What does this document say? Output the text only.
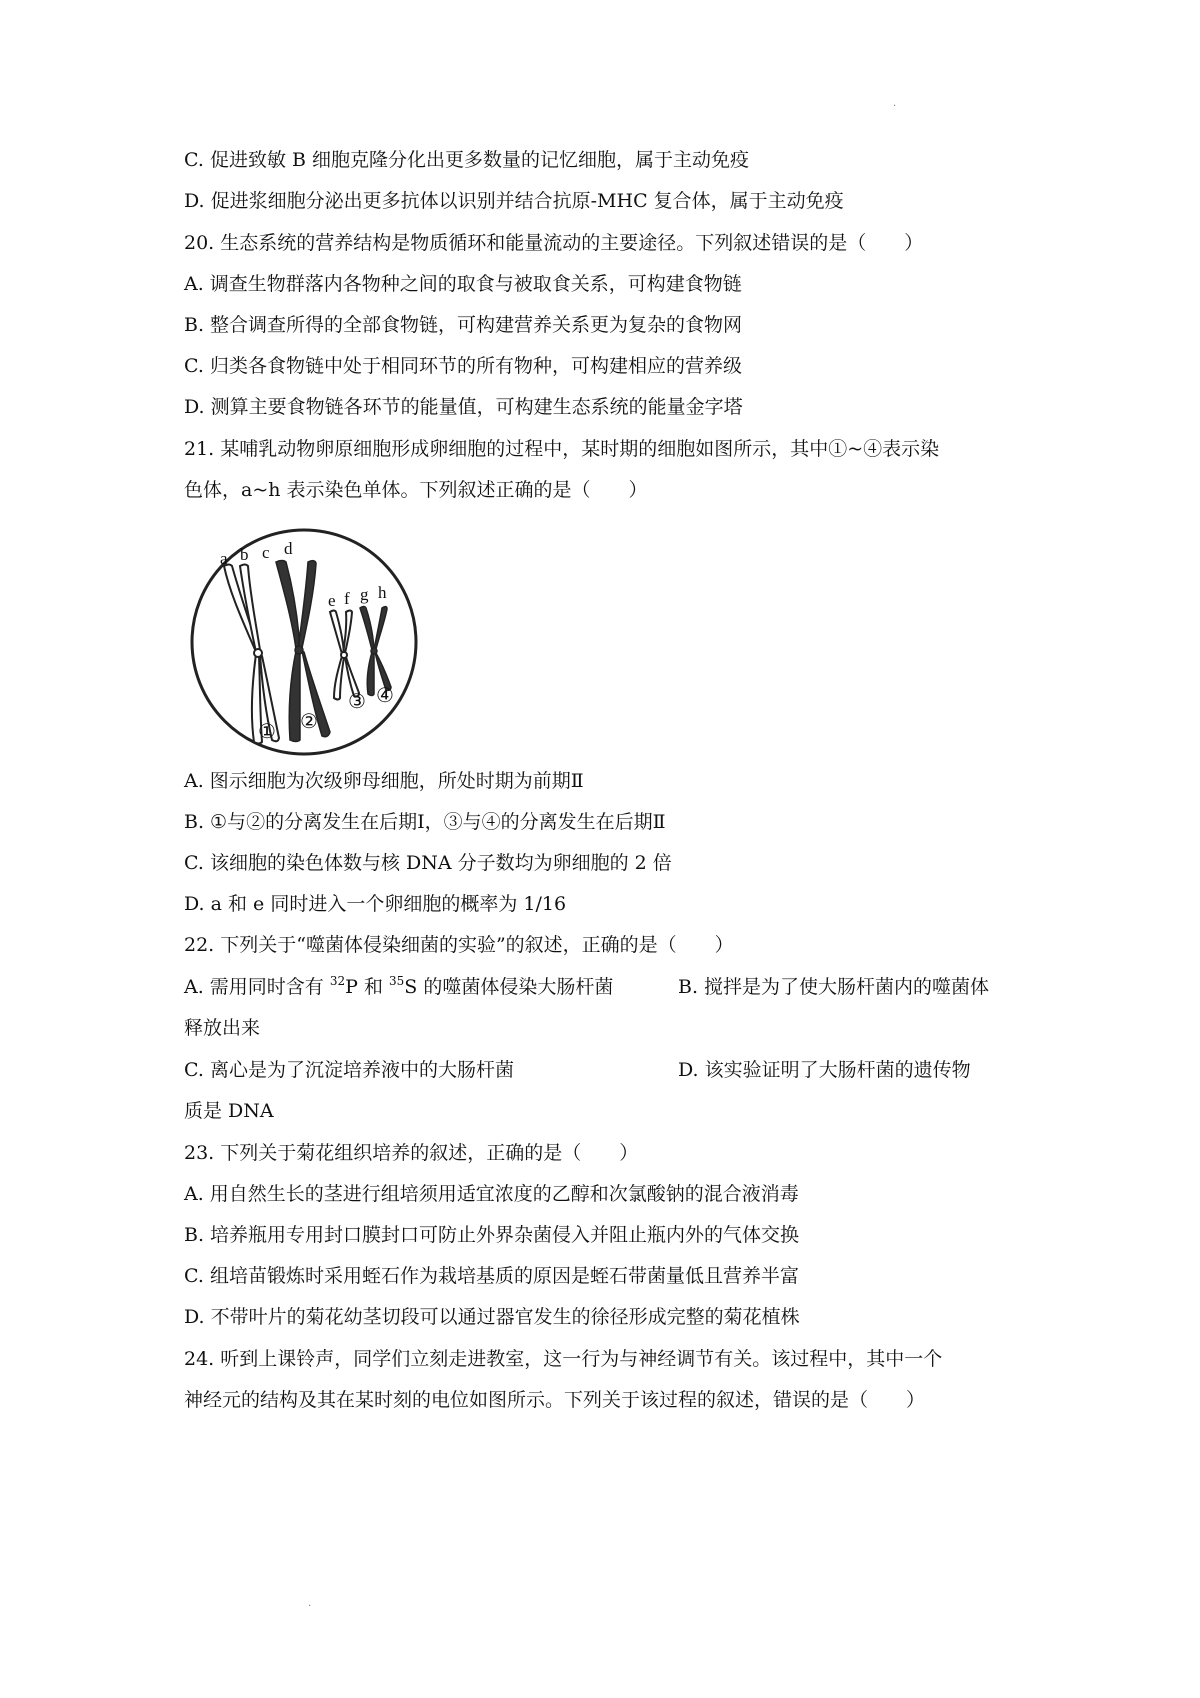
.
C. 促进致敏 B 细胞克隆分化出更多数量的记忆细胞，属于主动免疫
D. 促进浆细胞分泌出更多抗体以识别并结合抗原-MHC 复合体，属于主动免疫
20. 生态系统的营养结构是物质循环和能量流动的主要途径。下列叙述错误的是（　　）
A. 调查生物群落内各物种之间的取食与被取食关系，可构建食物链
B. 整合调查所得的全部食物链，可构建营养关系更为复杂的食物网
C. 归类各食物链中处于相同环节的所有物种，可构建相应的营养级
D. 测算主要食物链各环节的能量值，可构建生态系统的能量金字塔
21. 某哺乳动物卵原细胞形成卵细胞的过程中，某时期的细胞如图所示，其中①~④表示染
色体，a~h 表示染色单体。下列叙述正确的是（　　）
a b c d
e f g h
① ②
③ ④
A. 图示细胞为次级卵母细胞，所处时期为前期Ⅱ
B. ①与②的分离发生在后期Ⅰ，③与④的分离发生在后期Ⅱ
C. 该细胞的染色体数与核 DNA 分子数均为卵细胞的 2 倍
D. a 和 e 同时进入一个卵细胞的概率为 1/16
22. 下列关于“噬菌体侵染细菌的实验”的叙述，正确的是（　　）
A. 需用同时含有 $^{32}$P 和 $^{35}$S 的噬菌体侵染大肠杆菌	B. 搅拌是为了使大肠杆菌内的噬菌体
释放出来
C. 离心是为了沉淀培养液中的大肠杆菌	D. 该实验证明了大肠杆菌的遗传物
质是 DNA
23. 下列关于菊花组织培养的叙述，正确的是（　　）
A. 用自然生长的茎进行组培须用适宜浓度的乙醇和次氯酸钠的混合液消毒
B. 培养瓶用专用封口膜封口可防止外界杂菌侵入并阻止瓶内外的气体交换
C. 组培苗锻炼时采用蛭石作为栽培基质的原因是蛭石带菌量低且营养半富
D. 不带叶片的菊花幼茎切段可以通过器官发生的徐径形成完整的菊花植株
24. 听到上课铃声，同学们立刻走进教室，这一行为与神经调节有关。该过程中，其中一个
神经元的结构及其在某时刻的电位如图所示。下列关于该过程的叙述，错误的是（　　）
.
